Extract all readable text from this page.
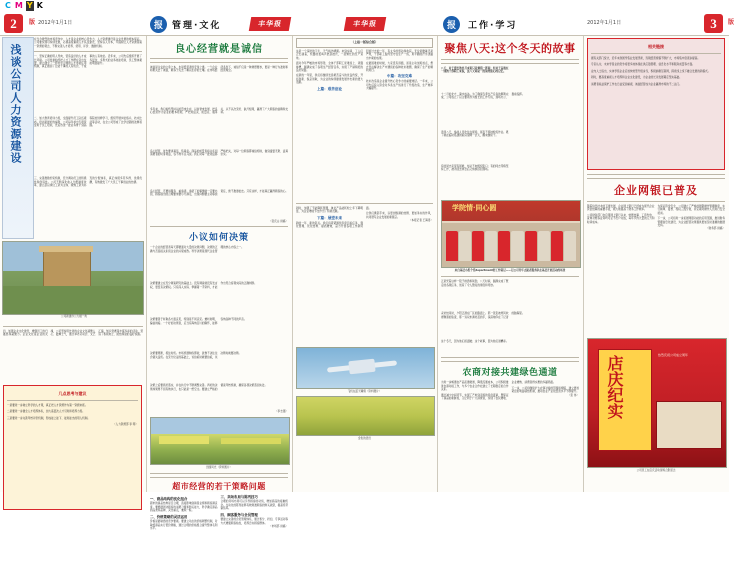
C M Y K
2 版 2012年1月1日
浅谈公司人力资源建设
在当今激烈的市场竞争中，人才是企业的核心竞争力，人力资源建设是企业发展的根本保证。公司要实现可持续发展，必须高度重视人才队伍建设，坚持以人为本，牢固树立人才资源是第一资源的观念，不断完善人才培养、使用、评价、激励机制。
一、坚持正确的用人导向，营造良好的人才成长环境。公司党委始终把人才工作摆在突出位置，建立健全了一套科学合理的人才选拔任用机制，真正做到了让能干事的人有机会，干成事的人有地位。近年来，公司先后组织开展了多层次、多形式的业务技能培训，员工整体素质明显提升。
二、加大教育培训力度，全面提升员工队伍素质。培训是最好的福利，公司每年拿出专项资金用于员工培训，先后选送一批业务骨干到高等院校进修学习，组织开展岗位练兵、技术比武等活动，在全公司形成了比学赶超的浓厚氛围。
三、完善激励约束机制，充分调动员工的积极性和创造性。公司不断深化收入分配制度改革，建立起以岗位工资为主体、绩效工资为补充的分配体系，真正体现多劳多得、优绩优酬，有效激发了广大员工干事创业的热情。
公司新建办公大楼一角
四、加强企业文化建设，增强员工的归属感和凝聚力。企业文化是企业的灵魂，公司坚持用先进的企业文化凝聚人心、鼓舞士气，通过举办运动会、文艺汇演、知识竞赛等丰富多彩的活动，营造了积极向上、团结和谐的良好氛围。
几点思考与建议
一是要进一步树立科学的人才观，真正把人才资源作为第一资源来抓。
二是要进一步健全人才培养体系，加大高层次人才引进和培养力度。
三是要进一步完善考核评价机制，形成能上能下、能进能出的用人机制。
（人力资源部 李 明）
报	管理·文化	丰华报
良心经营就是诚信
诚信是企业的立身之本，也是经营者的安身之道。一个企业如果失去了诚信，就等于失去了赖以生存的土壤。在市场经济条件下，诚信不仅是一种道德要求，更是一种行为准则和经营理念。
多年来，我们始终坚持以质量求生存、以信誉求发展，把良心经营作为企业的根本原则，严把进货关、质量关、服务关，从不以次充好、缺斤短两，赢得了广大顾客的信赖和支持。
良心经营，首先要讲真话、售真货。商品的质量直接关系到消费者的切身利益，容不得半点马虎。我们对每一批进货都严格把关，对每一位顾客都诚信相待，做到童叟无欺、货真价实。
良心经营，还要讲服务、重承诺。承诺了的事情就一定要办到，顾客提出的合理要求要尽力满足，出现问题要主动承担责任，绝不推诿扯皮。只有这样，才能真正赢得顾客的心。
（张庆山 供稿）
小议如何决策
一个企业的经营者每天都要面对大量的决策问题，决策的正确与否直接关系到企业的兴衰成败。科学决策是现代企业管理的核心内容之一。
决策要建立在充分调查研究的基础上。没有调查就没有发言权，更没有决策权。只有深入实际、掌握第一手资料，才能作出符合客观实际的正确判断。
决策要善于听取各方面意见，特别是不同意见。兼听则明，偏信则暗。一个好的决策者，应当有海纳百川的胸怀，能够容纳各种不同的声音。
决策要果断，抓住时机。市场机遇稍纵即逝，犹豫不决往往会错失良机。在充分论证的基础上，该拍板时就要拍板，该决断时就要决断。
决策之后要抓好落实，并在执行中不断调整完善。再好的决策如果得不到有效执行，也只能是一纸空文。要建立严格的督查考核机制，确保各项决策落到实处。
（李志强）
田园风光（资料图片）
超市经营的若干策略问题
一、商品结构的优化组合
超市的商品结构是否合理，直接影响到销售业绩和顾客满意度。要根据周边顾客的消费习惯和购买能力，科学确定商品的品类和品种，突出重点，兼顾一般。
二、价格策略的灵活运用
价格是最敏感的竞争要素。要建立动态的价格调整机制，对敏感商品实行低价策略，通过合理的价格组合提升整体毛利水平。
三、卖场布局与陈列技巧
合理的卖场布局可以引导顾客的动线，增加商品的接触机会。生动化的陈列能够有效刺激顾客的购买欲望，提高连带销售率。
四、顾客服务与会员管理
要建立完善的会员管理体系，通过积分、折扣、专享活动等方式增强顾客粘性，培养忠实顾客群体。
（市场部 供稿）
丰华报
（上接一版综合版）
这是一个深秋的下午，天气格外晴朗。来到车间，工人们正忙碌着，机器的轰鸣声此起彼伏，一派繁忙的生产景象。
面对今年严峻的市场形势，全体干部职工迎难而上、顽强拼搏，圆满完成了各项生产经营任务，实现了产销两旺的良好局面。
在新的一年里，我们将继续发扬艰苦奋斗的优良传统，开拓创新、锐意进取，为企业的持续健康发展作出新的更大贡献。
上篇：艰苦创业
回首过去的一年，有太多的感动和收获。无论是酷暑还是严寒，干部职工始终坚守在生产一线，用辛勤的汗水浇灌出丰硕的成果。
在最困难的时候，大家没有退缩，而是主动加班加点，想方设法解决生产中遇到的各种技术难题，确保了生产的顺利进行。
中篇：攻坚克难
技术改造是企业提升核心竞争力的重要途径。一年来，公司先后投入资金对多条生产线进行了升级改造，生产效率大幅提升。
同时，加强了节能降耗管理，单位产品能耗较上年下降明显，为企业增收节支作出了积极贡献。
下篇：展望未来
新的一年，新的起点。我们将紧紧围绕年度目标任务，强化管理、优化结构、提质增效，奋力开创各项工作新局面。
让我们携起手来，以更加饱满的热情、更加务实的作风，共同谱写企业发展的新篇章。
（本报记者 王海涛）
飞机在蓝天翱翔（资料图片）
金色的麦田
报	工作·学习
聚焦八天:这个冬天的故事
八天，对于漫长的岁月来说只是弹指一挥间；但对于奋战在一线的干部职工来说，这八天却是一段刻骨铭心的记忆。
十二月的北方，滴水成冰。为了确保冬季生产任务的顺利完成，公司成立了以主要领导为组长的工作专班，现场办公、靠前指挥。
连续八天，参战人员吃住在现场，昼夜不停地轮班作业。累了就在临时搭建的板房里眯一会儿，醒来继续干。
有的同志家里有困难，却从不向组织张口；有的同志带病坚持工作，被劝回去休息后又悄悄返回现场。
学院情·同心圆
来自基层小组个党department的工作笔记——记公司青年志愿者服务队在基层开展活动的场景
正是凭着这样一股子拼劲和韧劲，八天时间，圆满完成了既定的各项任务，创造了令人赞叹的速度和奇迹。
采访结束时，夕阳正洒在厂区的路面上。那一张张被寒风吹得黝黑的脸庞，那一双双布满老茧的手，深深地印在了记者的脑海里。
这个冬天，因为他们而温暖；这个故事，因为他们而精彩。
农商对接共建绿色通道
为进一步畅通农产品流通渠道，降低流通成本，公司积极推进农商对接工作，与多个农业合作社建立了长期稳定的合作关系。
通过减少中间环节，实现了产地到卖场的直供直销，既保证了商品的新鲜度，又让利于广大消费者，实现了农民增收、企业增效、消费者得实惠的多赢局面。
下一步，公司将继续扩大农商对接的范围和规模，建立更加紧密的利益联结机制，推动农业产业化经营水平不断提升。
（张 伟）
2012年1月1日	3 版
相关链接
据有关部门统计，近年来我国零售业发展迅速，连锁经营规模不断扩大，市场集中度逐步提高。
专家认为，未来零售业的竞争将更多地体现在供应链管理、信息化水平和服务质量等方面。
业内人士指出，实体零售企业应加快转型升级步伐，积极拥抱互联网，探索线上线下融合发展的新模式。
同时，要高度重视人才培养和企业文化建设，为企业的长远发展奠定坚实基础。
消费者权益保护工作也日益受到重视，诚信经营成为企业赢得市场的不二法门。
企业网银已普及
随着信息技术的飞速发展，企业网上银行已经成为现代企业资金结算的重要手段，极大地提高了财务工作效率。
公司财务部门自启用网上银行以来，转账结算、工资发放、查询对账等业务均可足不出户完成，每年节约大量的人力和时间成本。
为保证资金安全，公司建立了严格的网银操作管理制度，实行制单、复核、授权三级分离，并定期对操作人员进行安全培训。
下一步，公司将进一步拓展网银功能的应用范围，推进财务管理信息化建设，为企业经营决策提供更加及时准确的数据支持。
（财务部 供稿）
店庆纪实	热烈庆祝公司成立周年
公司员工在店庆活动现场合影留念
